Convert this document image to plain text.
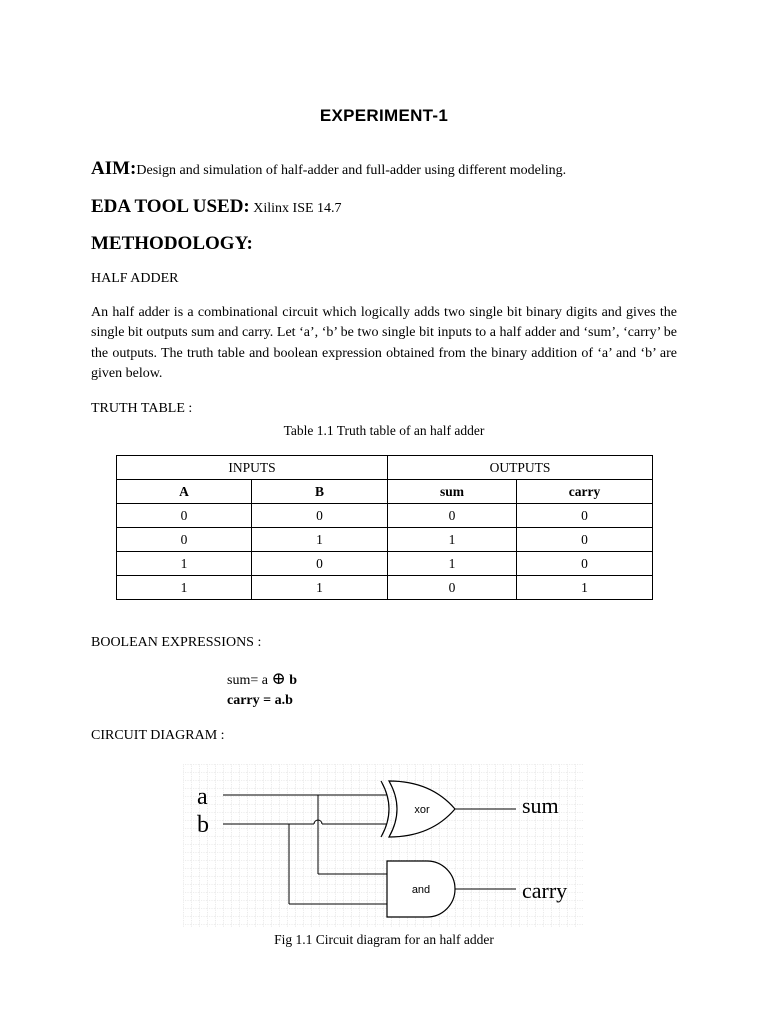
EXPERIMENT-1
AIM:Design and simulation of half-adder and full-adder using different modeling.
EDA TOOL USED: Xilinx ISE 14.7
METHODOLOGY:
HALF ADDER
An half adder is a combinational circuit which logically adds two single bit binary digits and gives the single bit outputs sum and carry. Let ‘a’, ‘b’ be two single bit inputs to a half adder and ‘sum’, ‘carry’ be the outputs. The truth table and boolean expression obtained from the binary addition of ‘a’ and ‘b’ are given below.
TRUTH TABLE :
Table 1.1 Truth table of an half adder
INPUTS		OUTPUTS	
A	B	sum	carry
0	0	0	0
0	1	1	0
1	0	1	0
1	1	0	1
BOOLEAN EXPRESSIONS :
sum= a ⊕ b
carry = a.b
CIRCUIT DIAGRAM :
xor
and
a
b
sum
carry
Fig 1.1 Circuit diagram for an half adder
